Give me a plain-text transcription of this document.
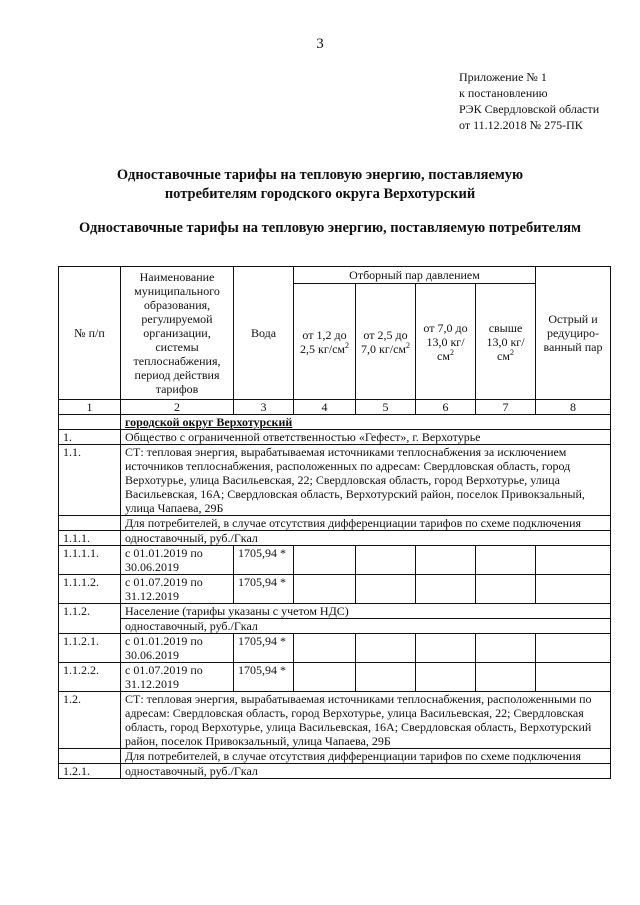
3
Приложение № 1
к постановлению
РЭК Свердловской области
от 11.12.2018 № 275-ПК
Одноставочные тарифы на тепловую энергию, поставляемую
потребителям городского округа Верхотурский
Одноставочные тарифы на тепловую энергию, поставляемую потребителям
№ п/п	Наименование муниципального образования, регулируемой организации, системы теплоснабжения, период действия тарифов	Вода	Отборный пар давлением				Острый и редуциро-ванный пар
			от 1,2 до 2,5 $кг/см^2$	от 2,5 до 7,0 $кг/см^2$	от 7,0 до 13,0 $кг/см^2$	свыше 13,0 $кг/см^2$
1	2	3	4	5	6	7	8
	городской округ Верхотурский						
1.	Общество с ограниченной ответственностью «Гефест», г. Верхотурье						
1.1.	СТ: тепловая энергия, вырабатываемая источниками теплоснабжения за исключением источников теплоснабжения, расположенных по адресам: Свердловская область, город Верхотурье, улица Васильевская, 22; Свердловская область, город Верхотурье, улица Васильевская, 16А; Свердловская область, Верхотурский район, поселок Привокзальный, улица Чапаева, 29Б						
	Для потребителей, в случае отсутствия дифференциации тарифов по схеме подключения						
1.1.1.	одноставочный, руб./Гкал						
1.1.1.1.	с 01.01.2019 по 30.06.2019	1705,94 *					
1.1.1.2.	с 01.07.2019 по 31.12.2019	1705,94 *					
1.1.2.	Население (тарифы указаны с учетом НДС)						
	одноставочный, руб./Гкал						
1.1.2.1.	с 01.01.2019 по 30.06.2019	1705,94 *					
1.1.2.2.	с 01.07.2019 по 31.12.2019	1705,94 *					
1.2.	СТ: тепловая энергия, вырабатываемая источниками теплоснабжения, расположенными по адресам: Свердловская область, город Верхотурье, улица Васильевская, 22; Свердловская область, город Верхотурье, улица Васильевская, 16А; Свердловская область, Верхотурский район, поселок Привокзальный, улица Чапаева, 29Б						
	Для потребителей, в случае отсутствия дифференциации тарифов по схеме подключения						
1.2.1.	одноставочный, руб./Гкал						
